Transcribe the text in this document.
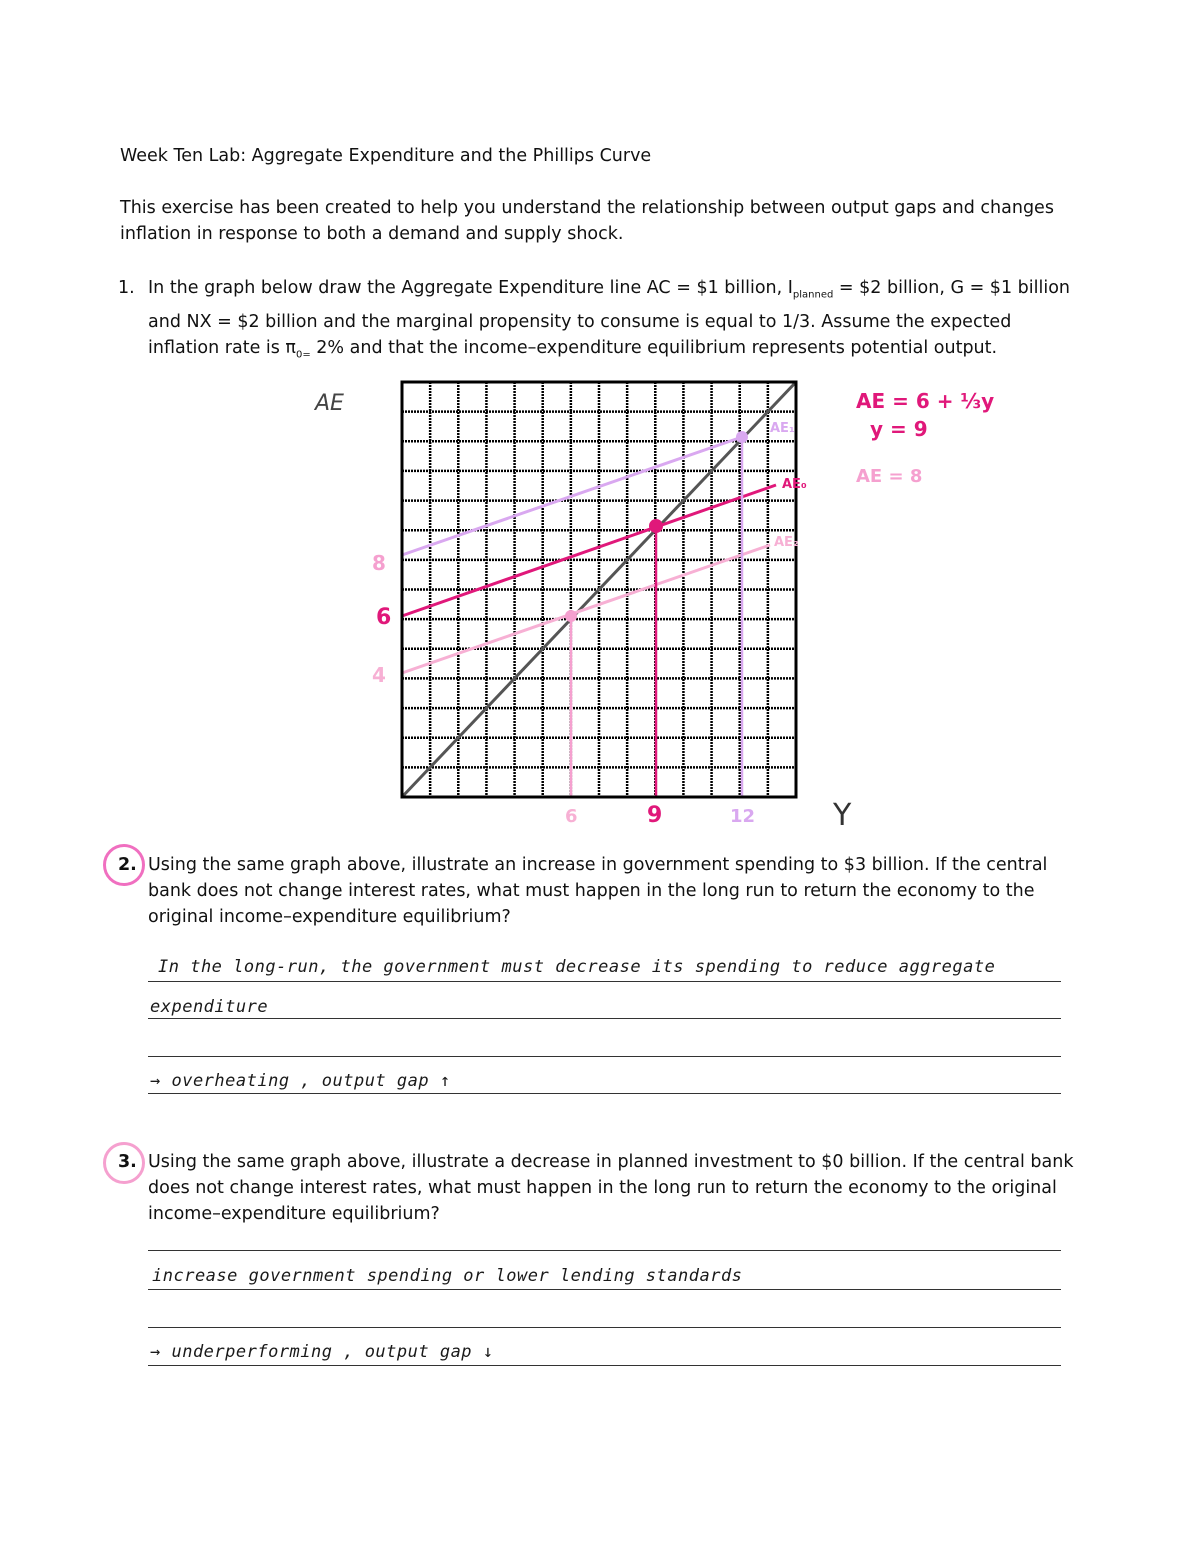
Week Ten Lab: Aggregate Expenditure and the Phillips Curve
This exercise has been created to help you understand the relationship between output gaps and changes inflation in response to both a demand and supply shock.
1. In the graph below draw the Aggregate Expenditure line AC = $1 billion, $I_{planned}$ = $2 billion, G = $1 billion and NX = $2 billion and the marginal propensity to consume is equal to 1/3. Assume the expected inflation rate is $\pi_{0=}$ 2% and that the income–expenditure equilibrium represents potential output.
AE
Y
8
6
4
6	9	12
AE₁
AE₀
AE₂
AE = 6 + ⅓y
y = 9
AE = 8
2. Using the same graph above, illustrate an increase in government spending to $3 billion. If the central bank does not change interest rates, what must happen in the long run to return the economy to the original income–expenditure equilibrium?
In the long-run, the government must decrease its spending to reduce aggregate
expenditure
→ overheating , output gap ↑
3. Using the same graph above, illustrate a decrease in planned investment to $0 billion. If the central bank does not change interest rates, what must happen in the long run to return the economy to the original income–expenditure equilibrium?
increase government spending or lower lending standards
→ underperforming , output gap ↓
